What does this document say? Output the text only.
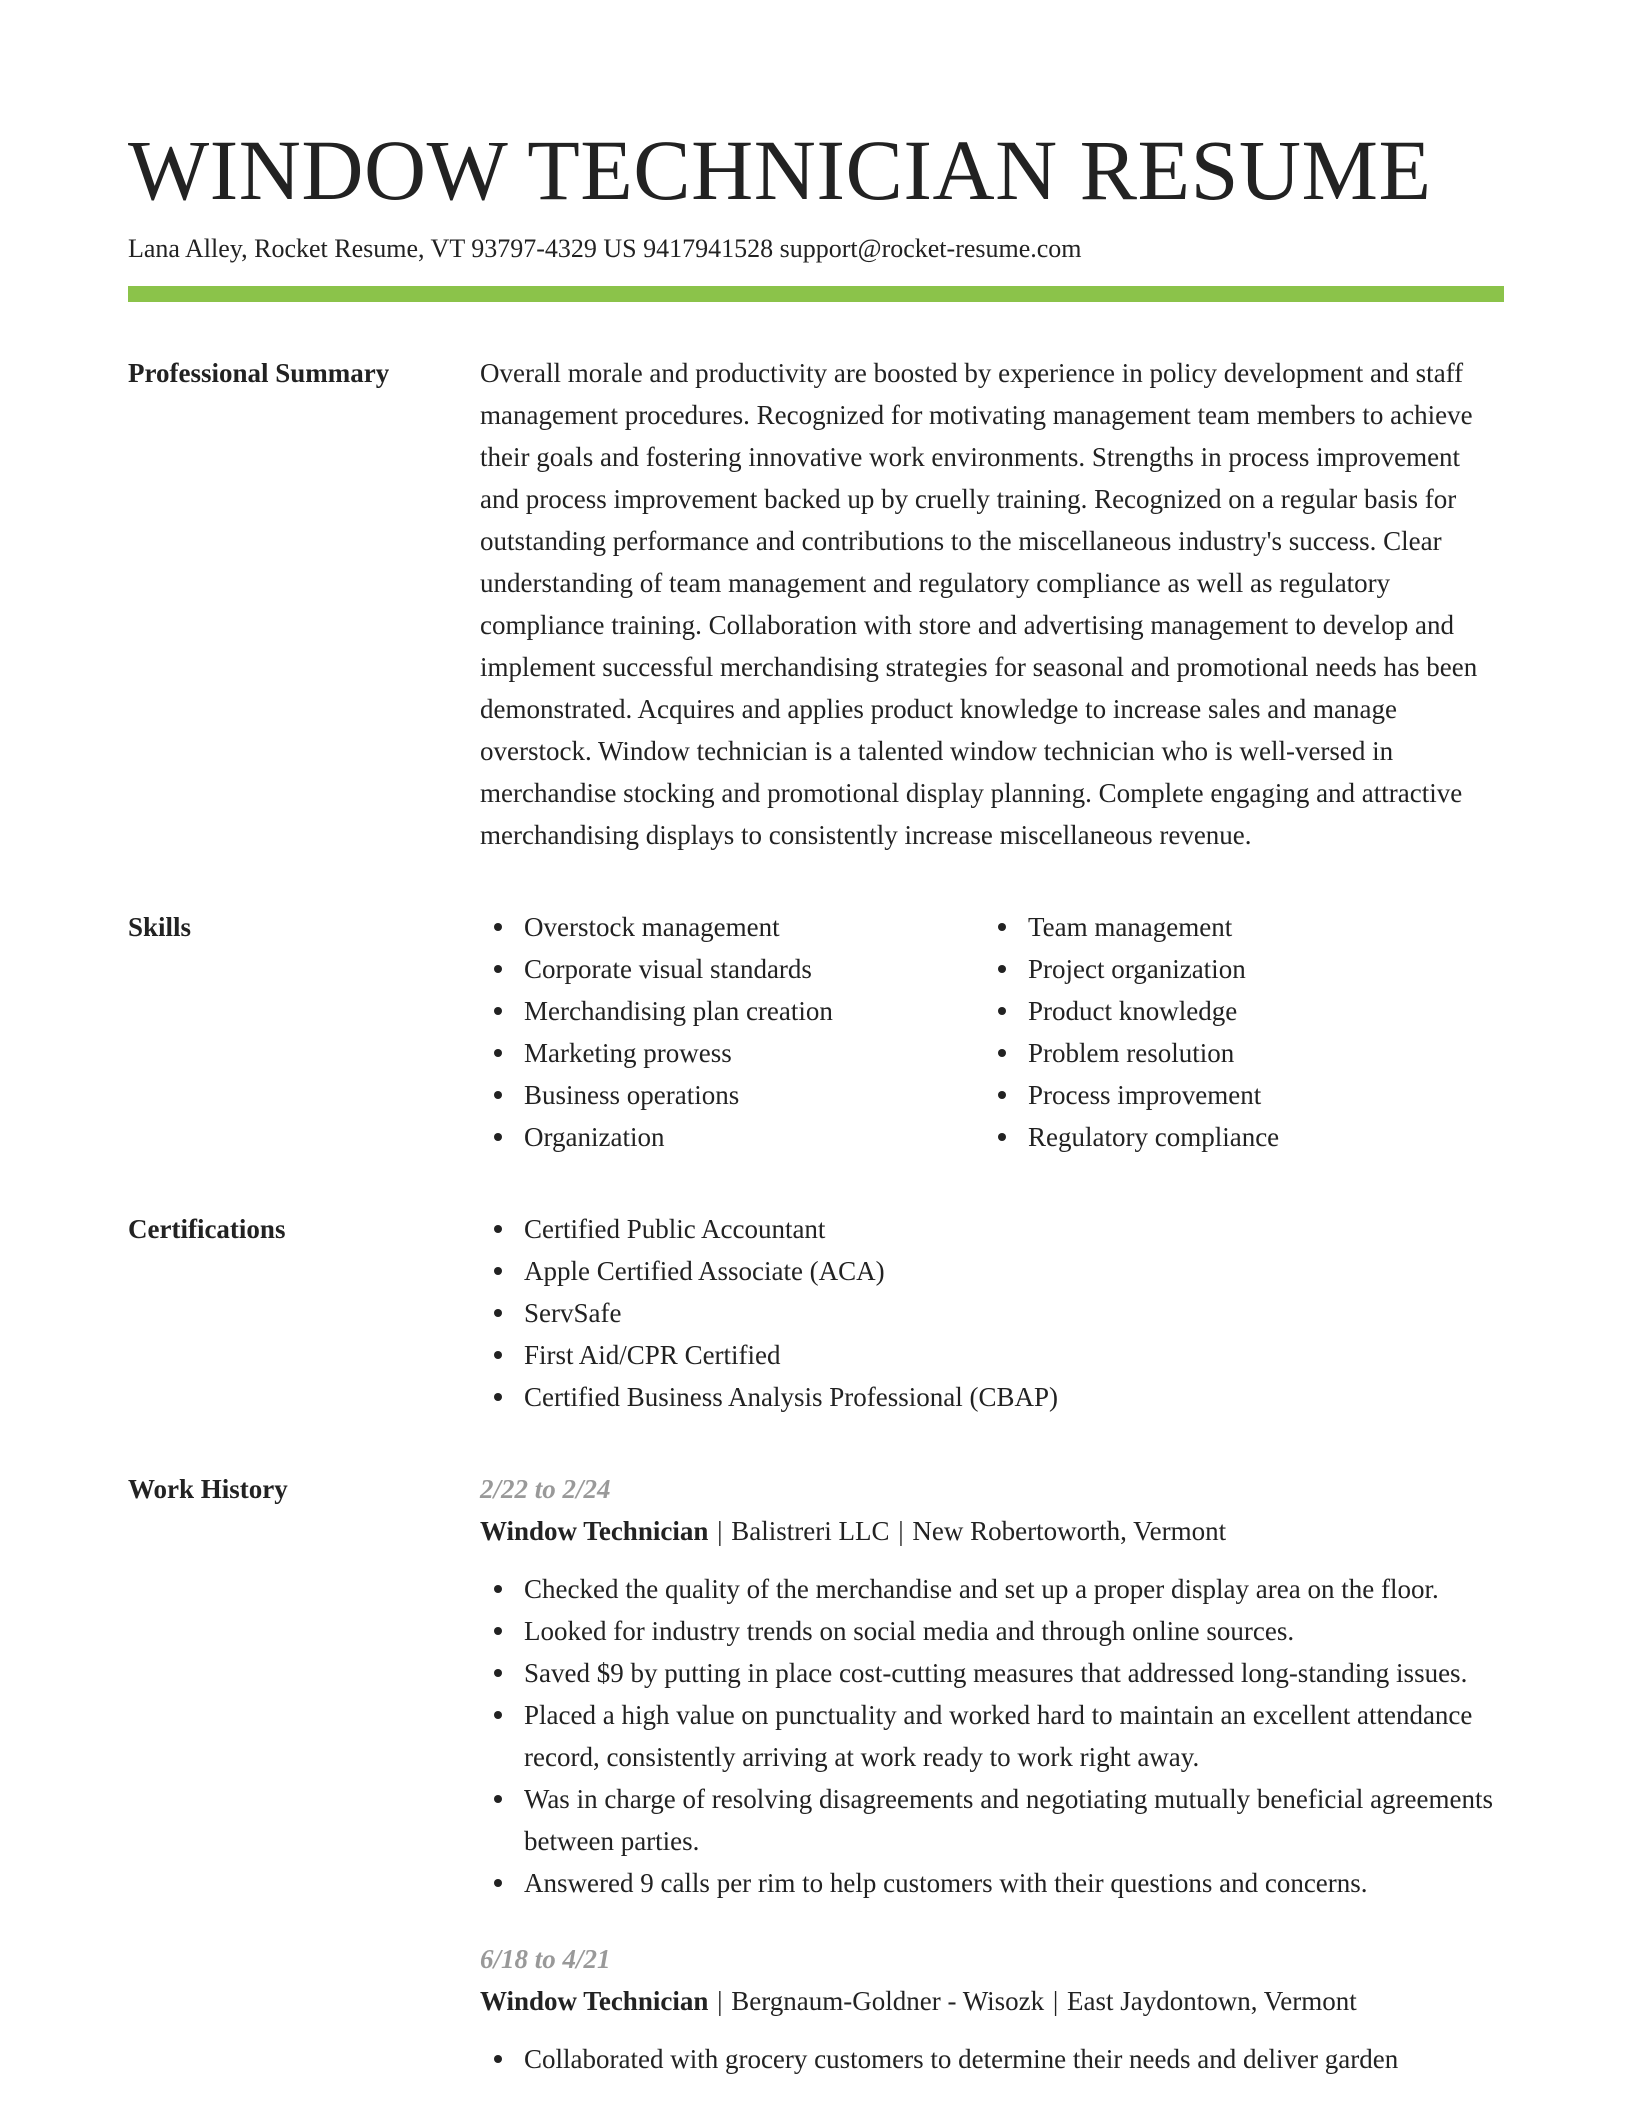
WINDOW TECHNICIAN RESUME
Lana Alley, Rocket Resume, VT 93797-4329 US 9417941528 support@rocket-resume.com
Professional Summary	Overall morale and productivity are boosted by experience in policy development and staff management procedures. Recognized for motivating management team members to achieve their goals and fostering innovative work environments. Strengths in process improvement and process improvement backed up by cruelly training. Recognized on a regular basis for outstanding performance and contributions to the miscellaneous industry's success. Clear understanding of team management and regulatory compliance as well as regulatory compliance training. Collaboration with store and advertising management to develop and implement successful merchandising strategies for seasonal and promotional needs has been demonstrated. Acquires and applies product knowledge to increase sales and manage overstock. Window technician is a talented window technician who is well-versed in merchandise stocking and promotional display planning. Complete engaging and attractive merchandising displays to consistently increase miscellaneous revenue.

Skills	Overstock management
Corporate visual standards
Merchandising plan creation
Marketing prowess
Business operations
Organization
Team management
Project organization
Product knowledge
Problem resolution
Process improvement
Regulatory compliance
Certifications	Certified Public Accountant
Apple Certified Associate (ACA)
ServSafe
First Aid/CPR Certified
Certified Business Analysis Professional (CBAP)
Work History	2/22 to 2/24
Window Technician | Balistreri LLC | New Robertoworth, Vermont
Checked the quality of the merchandise and set up a proper display area on the floor.
Looked for industry trends on social media and through online sources.
Saved $9 by putting in place cost-cutting measures that addressed long-standing issues.
Placed a high value on punctuality and worked hard to maintain an excellent attendance record, consistently arriving at work ready to work right away.
Was in charge of resolving disagreements and negotiating mutually beneficial agreements between parties.
Answered 9 calls per rim to help customers with their questions and concerns.
6/18 to 4/21
Window Technician | Bergnaum-Goldner - Wisozk | East Jaydontown, Vermont
Collaborated with grocery customers to determine their needs and deliver garden
